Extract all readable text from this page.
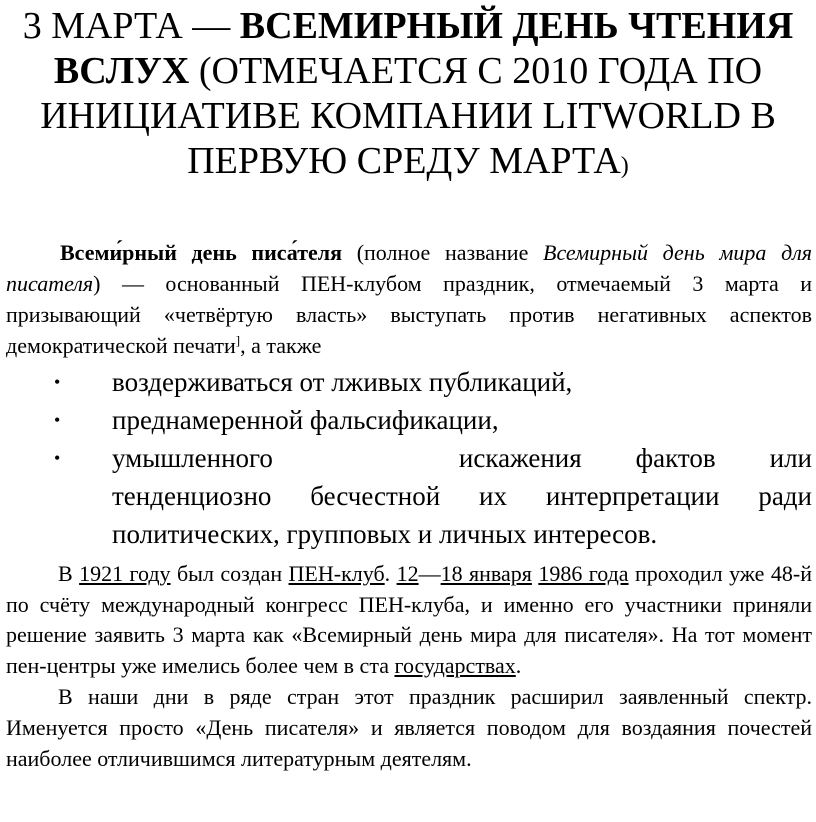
3 МАРТА — ВСЕМИРНЫЙ ДЕНЬ ЧТЕНИЯ ВСЛУХ (ОТМЕЧАЕТСЯ С 2010 ГОДА ПО ИНИЦИАТИВЕ КОМПАНИИ LITWORLD В ПЕРВУЮ СРЕДУ МАРТА)

Всеми́рный день писа́теля (полное название Всемирный день мира для писателя) — основанный ПЕН-клубом праздник, отмечаемый 3 марта и призывающий «четвёртую власть» выступать против негативных аспектов демократической печати], а также

• воздерживаться от лживых публикаций,
• преднамеренной фальсификации,
• умышленного	искажения фактов или тенденциозно бесчестной их интерпретации ради политических, групповых и личных интересов.

В 1921 году был создан ПЕН-клуб. 12—18 января 1986 года проходил уже 48-й по счёту международный конгресс ПЕН-клуба, и именно его участники приняли решение заявить 3 марта как «Всемирный день мира для писателя». На тот момент пен-центры уже имелись более чем в ста государствах.

В наши дни в ряде стран этот праздник расширил заявленный спектр. Именуется просто «День писателя» и является поводом для воздаяния почестей наиболее отличившимся литературным деятелям.
